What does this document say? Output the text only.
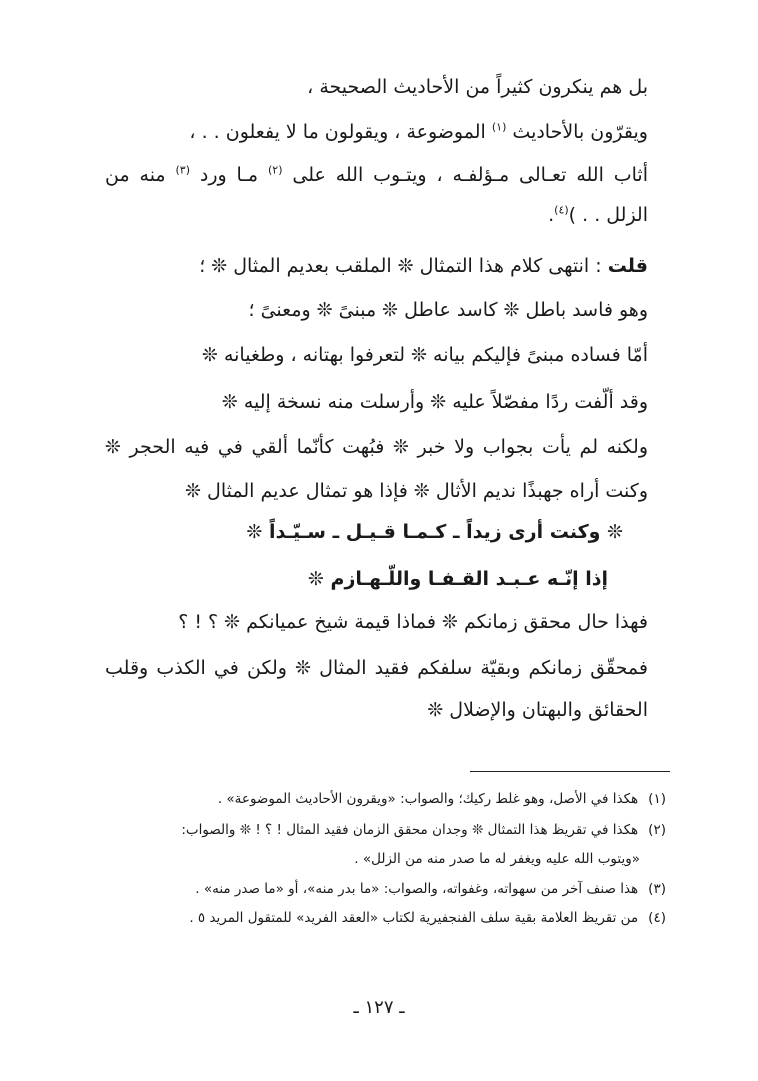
بل هم ينكرون كثيراً من الأحاديث الصحيحة ،
ويقرّون بالأحاديث $^{(١)}$ الموضوعة ، ويقولون ما لا يفعلون . . ،
أثاب الله تعـالى مـؤلفـه ، ويتـوب الله على $^{(٢)}$ مـا ورد $^{(٣)}$ منه من
الزلل . . )$^{(٤)}$.
قلت : انتهى كلام هذا التمثال ❊ الملقب بعديم المثال ❊ ؛
وهو فاسد باطل ❊ كاسد عاطل ❊ مبنىً ❊ ومعنىً ؛
أمّا فساده مبنىً فإليكم بيانه ❊ لتعرفوا بهتانه ، وطغيانه ❊
وقد ألّفت ردًا مفصّلاً عليه ❊ وأرسلت منه نسخة إليه ❊
ولكنه لم يأت بجواب ولا خبر ❊ فبُهت كأنّما ألقي في فيه الحجر ❊
وكنت أراه جهبذًا نديم الأثال ❊ فإذا هو تمثال عديم المثال ❊
❊ وكنت أرى زيداً ـ كـمـا قـيـل ـ سـيّـداً ❊
إذا إنّـه عـبـد القـفـا واللّـهـازم ❊
فهذا حال محقق زمانكم ❊ فماذا قيمة شيخ عميانكم ❊ ؟ ! ؟
فمحقّق زمانكم وبقيّة سلفكم فقيد المثال ❊ ولكن في الكذب وقلب
الحقائق والبهتان والإضلال ❊
(١)هكذا في الأصل، وهو غلط ركيك؛ والصواب: «ويقرون الأحاديث الموضوعة» .
(٢)هكذا في تقريظ هذا التمثال ❊ وجدان محقق الزمان فقيد المثال ! ؟ ! ❊ والصواب:
«ويتوب الله عليه ويغفر له ما صدر منه من الزلل» .
(٣)هذا صنف آخر من سهواته، وغفواته، والصواب: «ما بدر منه»، أو «ما صدر منه» .
(٤)من تقريظ العلامة بقية سلف الفنجفيرية لكتاب «العقد الفريد» للمتقول المريد ٥ .
ـ ١٢٧ ـ
